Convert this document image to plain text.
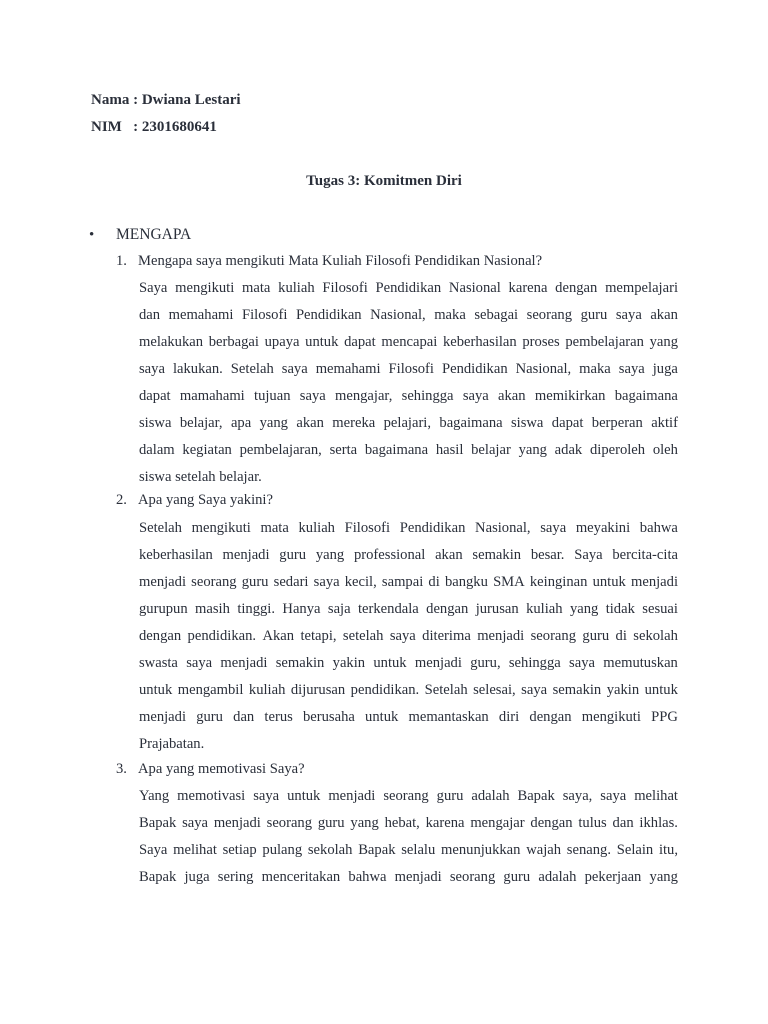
Nama : Dwiana Lestari
NIM   : 2301680641
Tugas 3: Komitmen Diri
• MENGAPA
1. Mengapa saya mengikuti Mata Kuliah Filosofi Pendidikan Nasional?
Saya mengikuti mata kuliah Filosofi Pendidikan Nasional karena dengan mempelajari
dan memahami Filosofi Pendidikan Nasional, maka sebagai seorang guru saya akan
melakukan berbagai upaya untuk dapat mencapai keberhasilan proses pembelajaran yang
saya lakukan. Setelah saya memahami Filosofi Pendidikan Nasional, maka saya juga
dapat mamahami tujuan saya mengajar, sehingga saya akan memikirkan bagaimana
siswa belajar, apa yang akan mereka pelajari, bagaimana siswa dapat berperan aktif
dalam kegiatan pembelajaran, serta bagaimana hasil belajar yang adak diperoleh oleh
siswa setelah belajar.
2. Apa yang Saya yakini?
Setelah mengikuti mata kuliah Filosofi Pendidikan Nasional, saya meyakini bahwa
keberhasilan menjadi guru yang professional akan semakin besar. Saya bercita-cita
menjadi seorang guru sedari saya kecil, sampai di bangku SMA keinginan untuk menjadi
gurupun masih tinggi. Hanya saja terkendala dengan jurusan kuliah yang tidak sesuai
dengan pendidikan. Akan tetapi, setelah saya diterima menjadi seorang guru di sekolah
swasta saya menjadi semakin yakin untuk menjadi guru, sehingga saya memutuskan
untuk mengambil kuliah dijurusan pendidikan. Setelah selesai, saya semakin yakin untuk
menjadi guru dan terus berusaha untuk memantaskan diri dengan mengikuti PPG
Prajabatan.
3. Apa yang memotivasi Saya?
Yang memotivasi saya untuk menjadi seorang guru adalah Bapak saya, saya melihat
Bapak saya menjadi seorang guru yang hebat, karena mengajar dengan tulus dan ikhlas.
Saya melihat setiap pulang sekolah Bapak selalu menunjukkan wajah senang. Selain itu,
Bapak juga sering menceritakan bahwa menjadi seorang guru adalah pekerjaan yang
